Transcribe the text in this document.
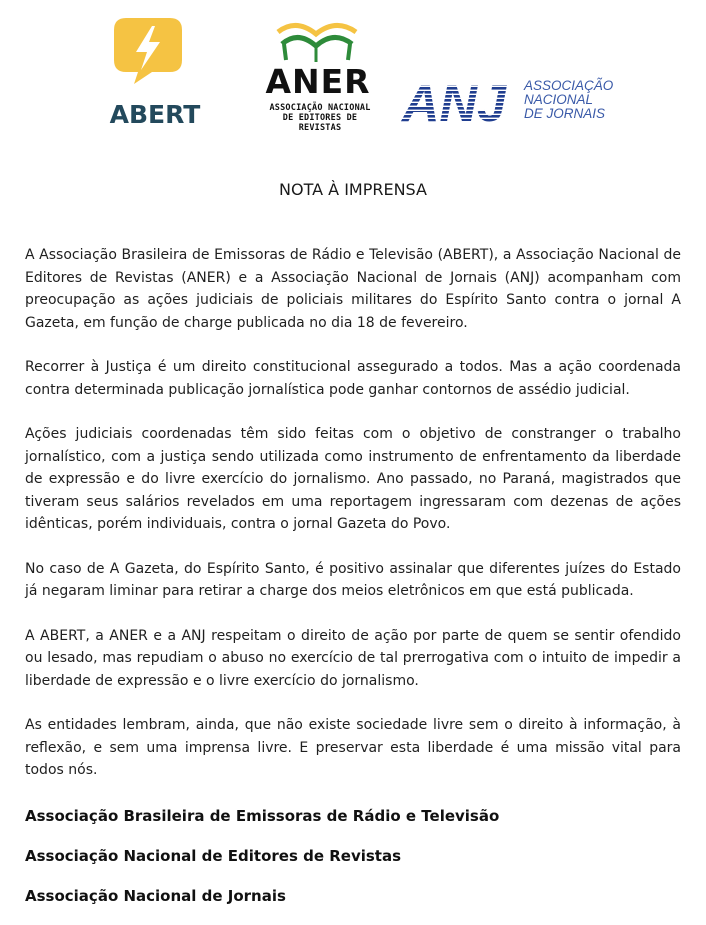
ABERT
ANER
ASSOCIAÇÃO NACIONAL
DE EDITORES DE REVISTAS	ANJ ASSOCIAÇÃO
NACIONAL
DE JORNAIS
NOTA À IMPRENSA

A Associação Brasileira de Emissoras de Rádio e Televisão (ABERT), a Associação Nacional de Editores de Revistas (ANER) e a Associação Nacional de Jornais (ANJ) acompanham com preocupação as ações judiciais de policiais militares do Espírito Santo contra o jornal A Gazeta, em função de charge publicada no dia 18 de fevereiro.

Recorrer à Justiça é um direito constitucional assegurado a todos. Mas a ação coordenada contra determinada publicação jornalística pode ganhar contornos de assédio judicial.

Ações judiciais coordenadas têm sido feitas com o objetivo de constranger o trabalho jornalístico, com a justiça sendo utilizada como instrumento de enfrentamento da liberdade de expressão e do livre exercício do jornalismo. Ano passado, no Paraná, magistrados que tiveram seus salários revelados em uma reportagem ingressaram com dezenas de ações idênticas, porém individuais, contra o jornal Gazeta do Povo.

No caso de A Gazeta, do Espírito Santo, é positivo assinalar que diferentes juízes do Estado já negaram liminar para retirar a charge dos meios eletrônicos em que está publicada.

A ABERT, a ANER e a ANJ respeitam o direito de ação por parte de quem se sentir ofendido ou lesado, mas repudiam o abuso no exercício de tal prerrogativa com o intuito de impedir a liberdade de expressão e o livre exercício do jornalismo.

As entidades lembram, ainda, que não existe sociedade livre sem o direito à informação, à reflexão, e sem uma imprensa livre. E preservar esta liberdade é uma missão vital para todos nós.

Associação Brasileira de Emissoras de Rádio e Televisão
Associação Nacional de Editores de Revistas
Associação Nacional de Jornais
